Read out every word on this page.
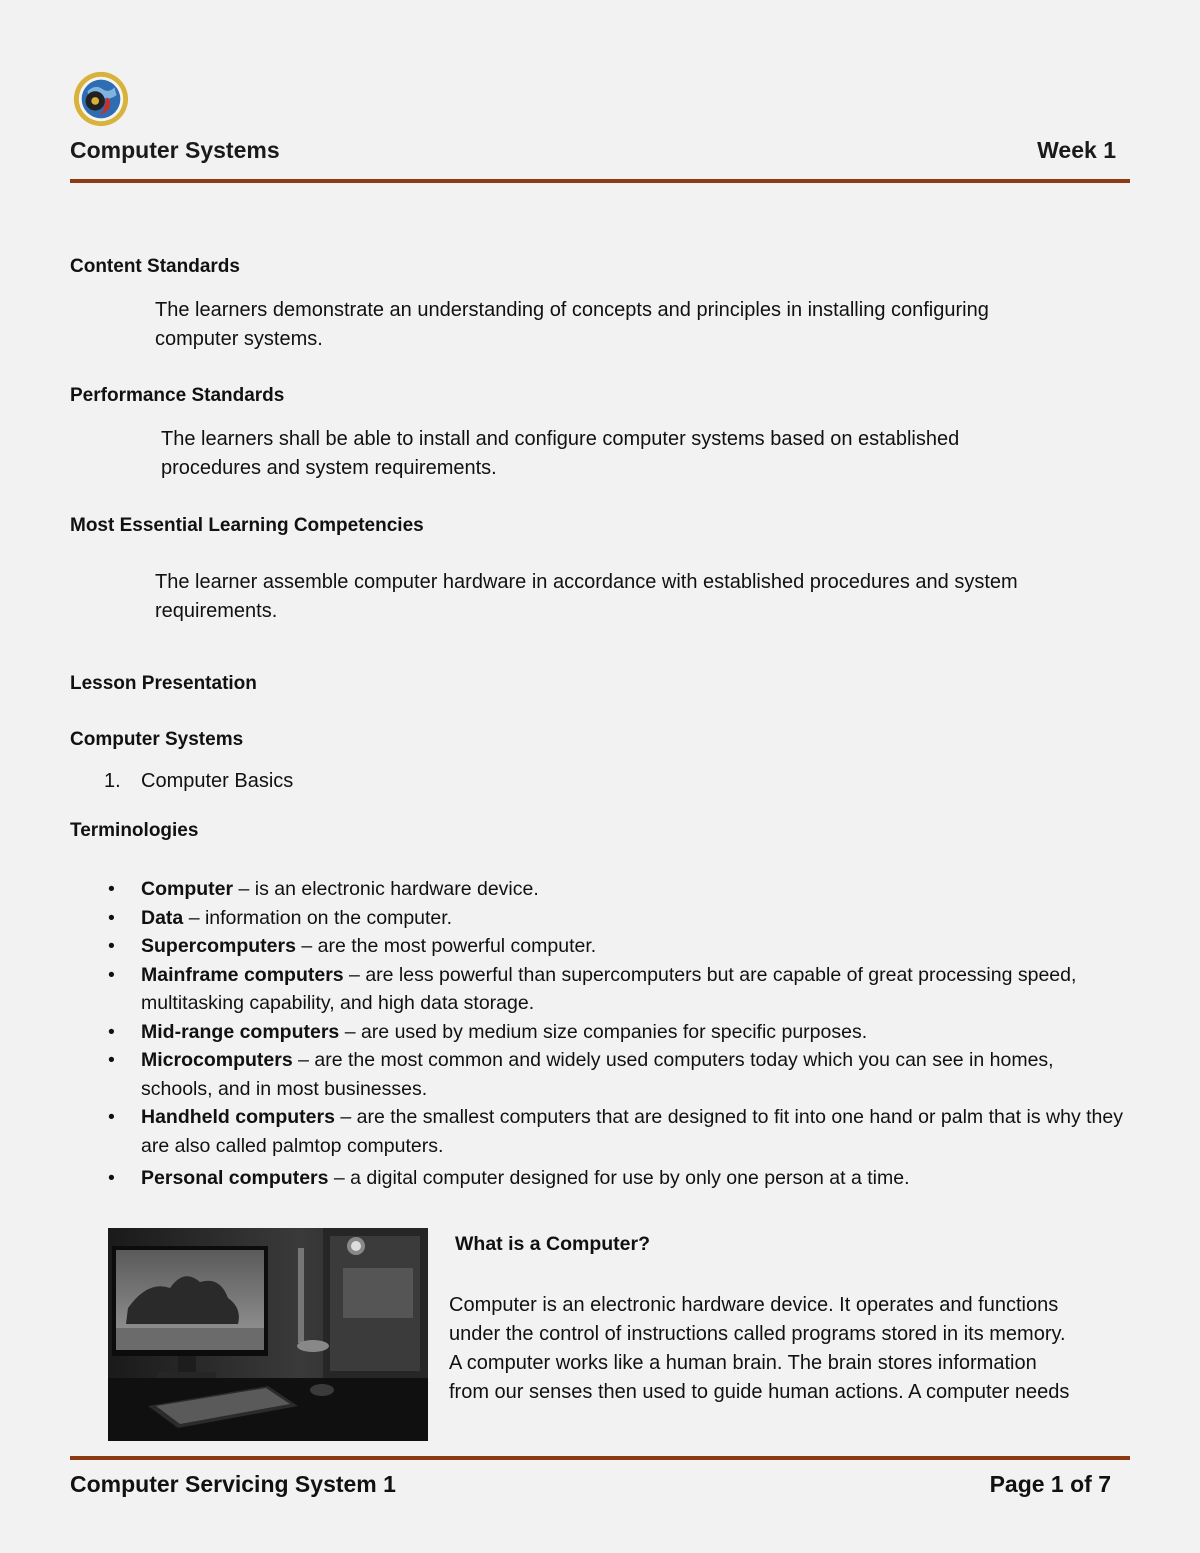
Computer Systems	Week 1
Content Standards
The learners demonstrate an understanding of concepts and principles in installing configuring
computer systems.
Performance Standards
The learners shall be able to install and configure computer systems based on established
procedures and system requirements.
Most Essential Learning Competencies
The learner assemble computer hardware in accordance with established procedures and system
requirements.
Lesson Presentation
Computer Systems
1. Computer Basics
Terminologies
• Computer – is an electronic hardware device.
• Data – information on the computer.
• Supercomputers – are the most powerful computer.
• Mainframe computers – are less powerful than supercomputers but are capable of great processing speed, multitasking capability, and high data storage.
• Mid-range computers – are used by medium size companies for specific purposes.
• Microcomputers – are the most common and widely used computers today which you can see in homes, schools, and in most businesses.
• Handheld computers – are the smallest computers that are designed to fit into one hand or palm that is why they are also called palmtop computers.
• Personal computers – a digital computer designed for use by only one person at a time.
What is a Computer?
Computer is an electronic hardware device. It operates and functions
under the control of instructions called programs stored in its memory.
A computer works like a human brain. The brain stores information
from our senses then used to guide human actions. A computer needs
Computer Servicing System 1	Page 1 of 7
